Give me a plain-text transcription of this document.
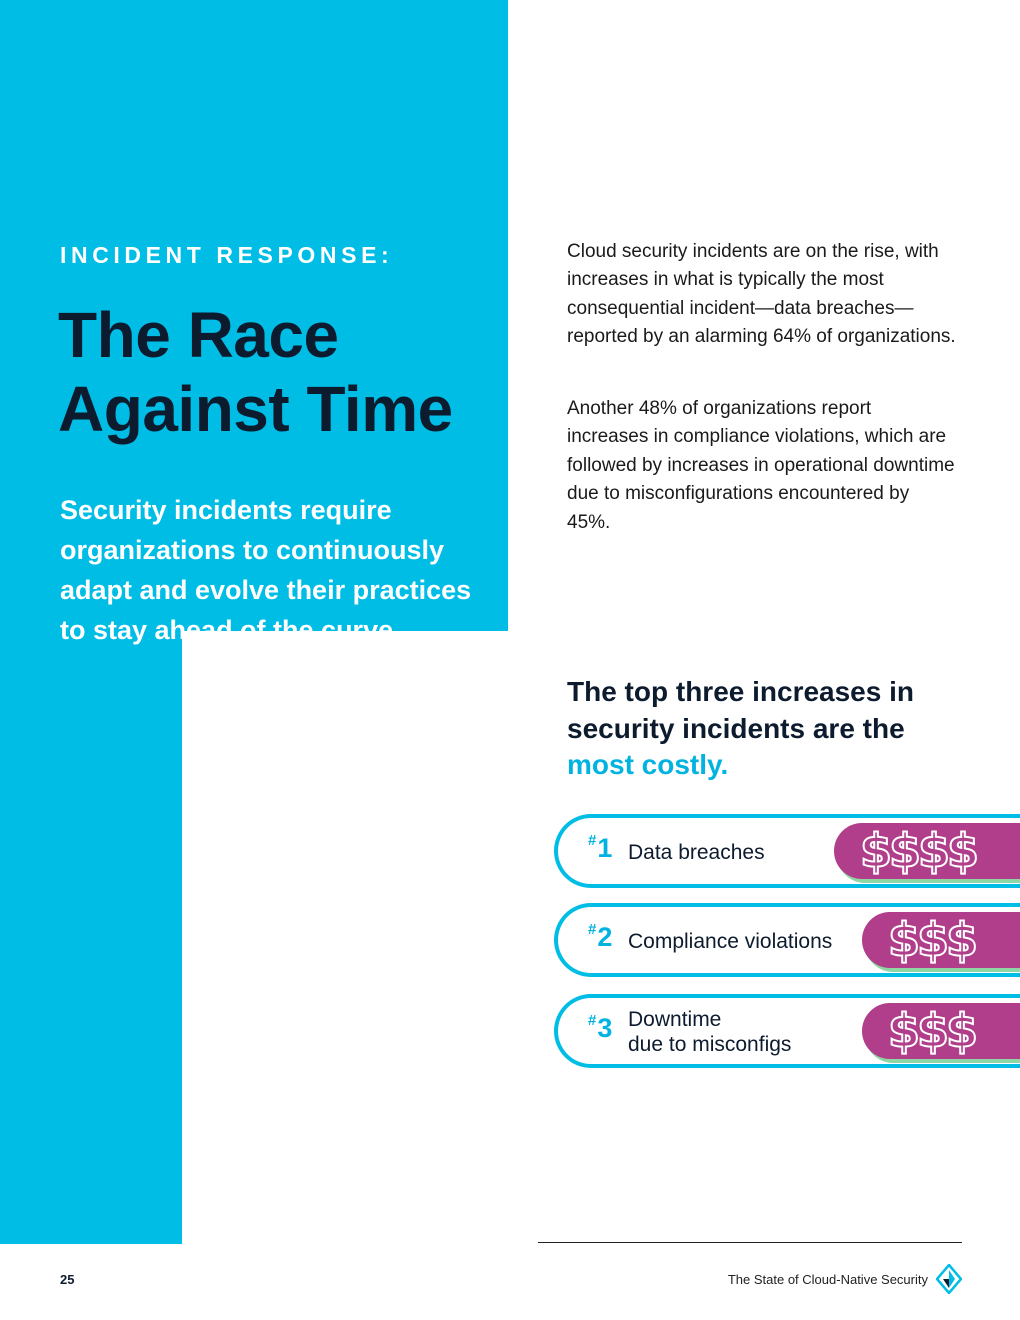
INCIDENT RESPONSE:
The Race Against Time

Security incidents require organizations to continuously adapt and evolve their practices to stay ahead of the curve.

Cloud security incidents are on the rise, with increases in what is typically the most consequential incident—data breaches—reported by an alarming 64% of organizations.

Another 48% of organizations report increases in compliance violations, which are followed by increases in operational downtime due to misconfigurations encountered by 45%.

The top three increases in security incidents are the most costly.
#1 Data breaches $$$$
#2 Compliance violations $$$
#3 Downtime
due to misconfigs $$$
25	The State of Cloud-Native Security
